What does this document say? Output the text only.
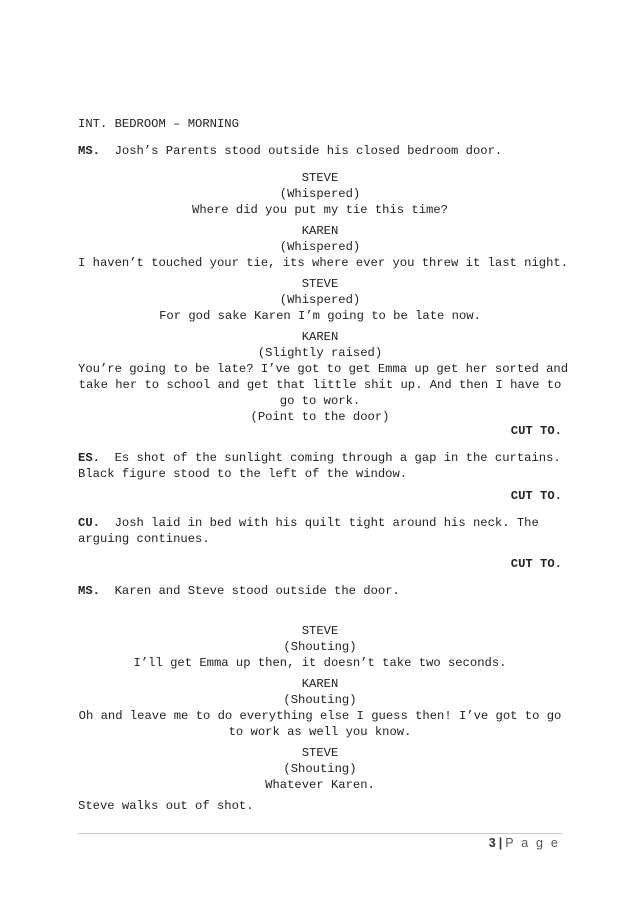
INT. BEDROOM – MORNING

MS. Josh’s Parents stood outside his closed bedroom door.

STEVE

(Whispered)

Where did you put my tie this time?

KAREN

(Whispered)

I haven’t touched your tie, its where ever you threw it last night.

STEVE

(Whispered)

For god sake Karen I’m going to be late now.

KAREN

(Slightly raised)

You’re going to be late? I’ve got to get Emma up get her sorted and

take her to school and get that little shit up. And then I have to

go to work.

(Point to the door)

CUT TO.

ES. Es shot of the sunlight coming through a gap in the curtains.

Black figure stood to the left of the window.

CUT TO.

CU. Josh laid in bed with his quilt tight around his neck. The

arguing continues.

CUT TO.

MS. Karen and Steve stood outside the door.

STEVE

(Shouting)

I’ll get Emma up then, it doesn’t take two seconds.

KAREN

(Shouting)

Oh and leave me to do everything else I guess then! I’ve got to go

to work as well you know.

STEVE

(Shouting)

Whatever Karen.

Steve walks out of shot.

3 | P a g e
